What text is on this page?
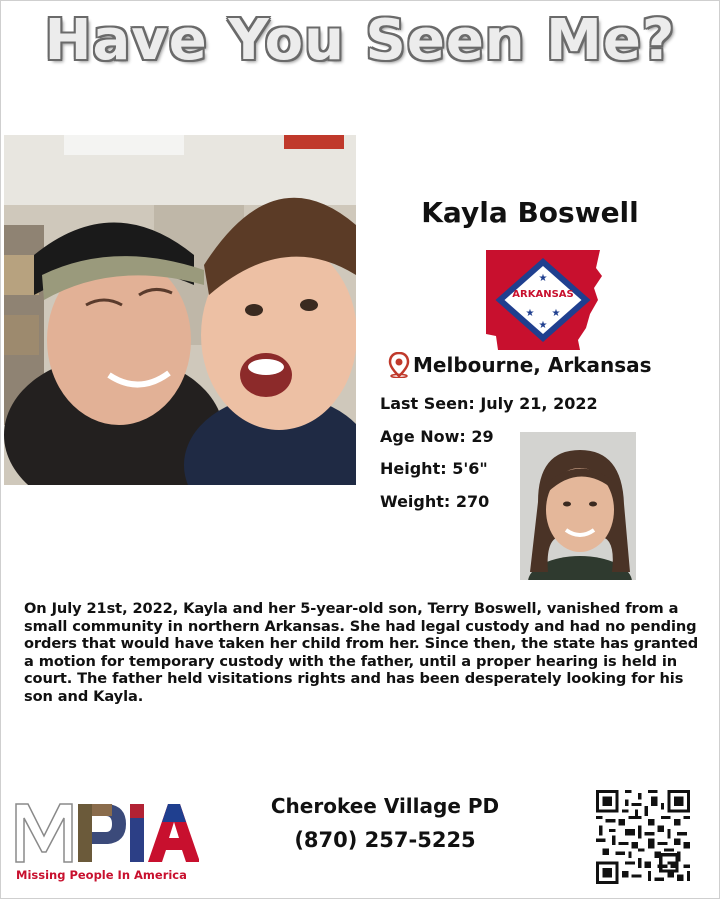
Have You Seen Me?
Kayla Boswell
ARKANSAS
★
★ ★
★
Melbourne, Arkansas
Last Seen: July 21, 2022
Age Now: 29
Height: 5'6"
Weight: 270
On July 21st, 2022, Kayla and her 5-year-old son, Terry Boswell, vanished from a small community in northern Arkansas. She had legal custody and had no pending orders that would have taken her child from her. Since then, the state has granted a motion for temporary custody with the father, until a proper hearing is held in court. The father held visitations rights and has been desperately looking for his son and Kayla.
Missing People In America
Cherokee Village PD
(870) 257-5225
